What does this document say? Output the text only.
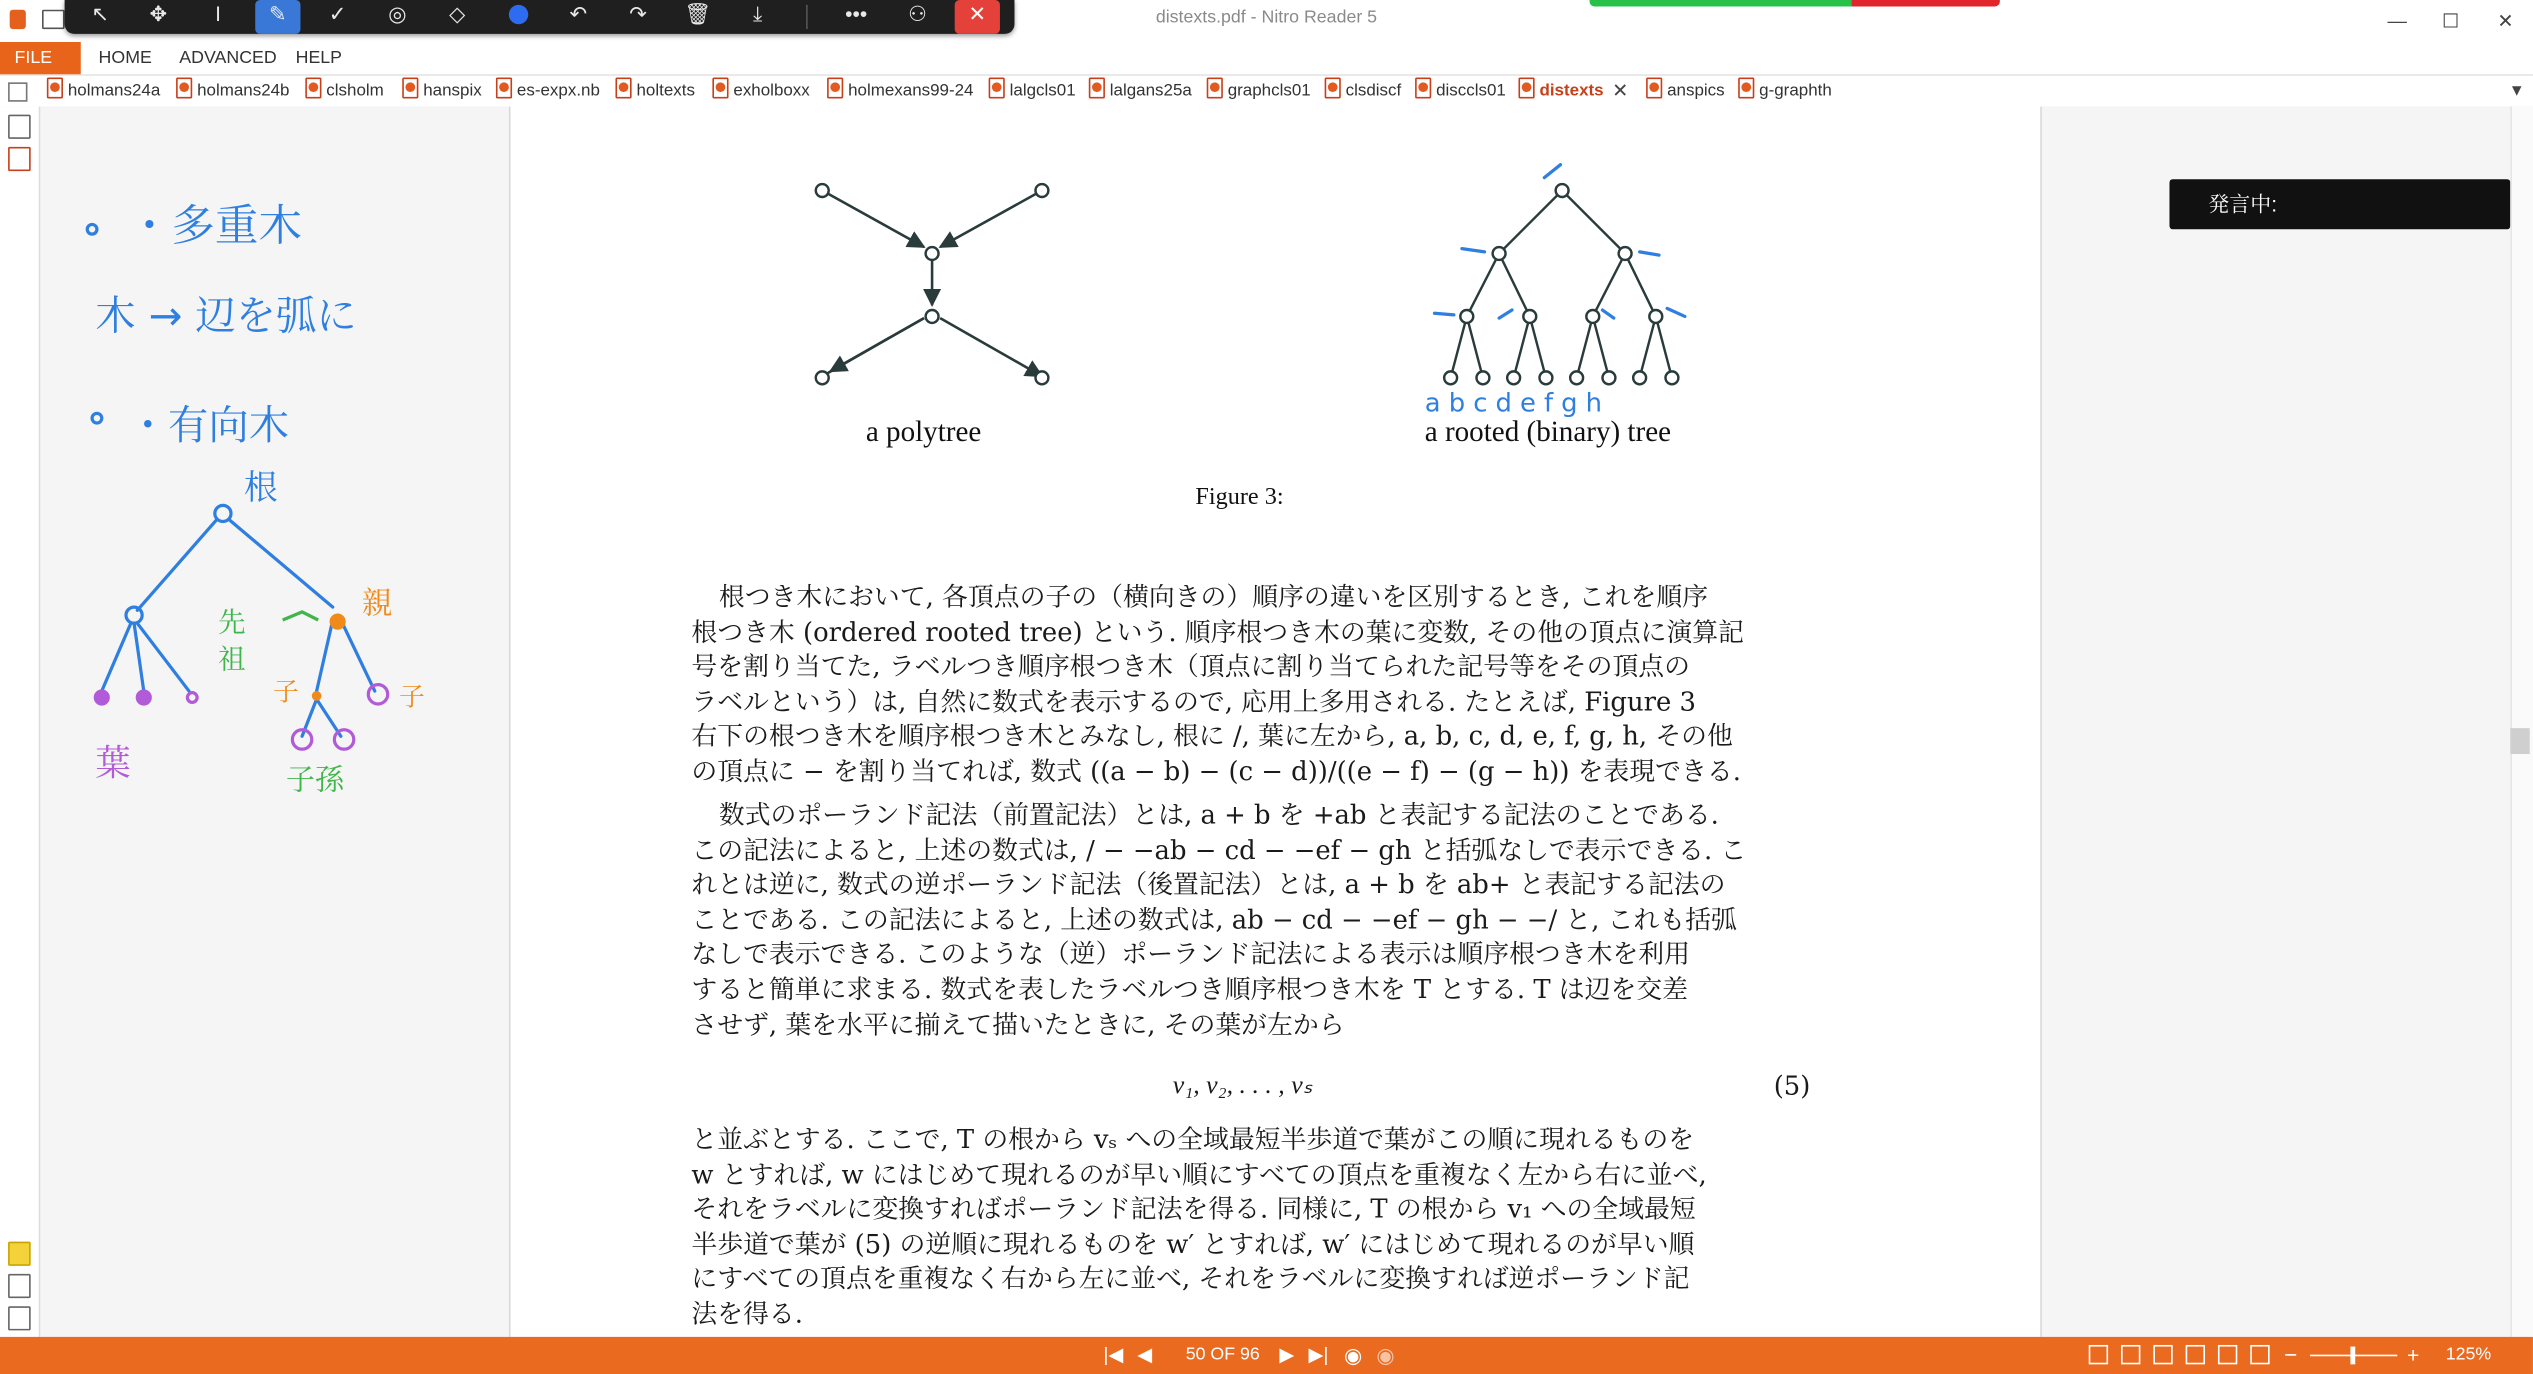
distexts.pdf - Nitro Reader 5	—	☐	✕
↖	✥	I	✎	✓	◎	◇	↶	↷	🗑	⤓	•••	⚇	✕
FILE	HOME	ADVANCED	HELP
holmans24a	holmans24b	clsholm	hanspix	es-expx.nb	holtexts	exholboxx	holmexans99-24	lalgcls01	lalgans25a	graphcls01	clsdiscf	disccls01	distexts ✕	anspics	g-graphth	▼
・多重木
木 → 辺を弧に
・有向木
根
親
先
祖
子	子
葉	子孫
abcdefgh
a polytree	a rooted (binary) tree
Figure 3:
根つき木において, 各頂点の子の（横向きの）順序の違いを区別するとき, これを順序
根つき木 (ordered rooted tree) という. 順序根つき木の葉に変数, その他の頂点に演算記
号を割り当てた, ラベルつき順序根つき木（頂点に割り当てられた記号等をその頂点の
ラベルという）は, 自然に数式を表示するので, 応用上多用される. たとえば, Figure 3
右下の根つき木を順序根つき木とみなし, 根に /, 葉に左から, a, b, c, d, e, f, g, h, その他
の頂点に − を割り当てれば, 数式 ((a − b) − (c − d))/((e − f) − (g − h)) を表現できる.
数式のポーランド記法（前置記法）とは, a + b を +ab と表記する記法のことである.
この記法によると, 上述の数式は, / − −ab − cd − −ef − gh と括弧なしで表示できる. こ
れとは逆に, 数式の逆ポーランド記法（後置記法）とは, a + b を ab+ と表記する記法の
ことである. この記法によると, 上述の数式は, ab − cd − −ef − gh − −/ と, これも括弧
なしで表示できる. このような（逆）ポーランド記法による表示は順序根つき木を利用
すると簡単に求まる. 数式を表したラベルつき順序根つき木を T とする. T は辺を交差
させず, 葉を水平に揃えて描いたときに, その葉が左から
v₁, v₂, . . . , vₛ	(5)
と並ぶとする. ここで, T の根から vₛ への全域最短半歩道で葉がこの順に現れるものを
w とすれば, w にはじめて現れるのが早い順にすべての頂点を重複なく左から右に並べ,
それをラベルに変換すればポーランド記法を得る. 同様に, T の根から v₁ への全域最短
半歩道で葉が (5) の逆順に現れるものを w′ とすれば, w′ にはじめて現れるのが早い順
にすべての頂点を重複なく右から左に並べ, それをラベルに変換すれば逆ポーランド記
法を得る.
発言中:
|◀ ◀	50 OF 96 ▶ ▶| ◉ ◉	−	+ 125%
